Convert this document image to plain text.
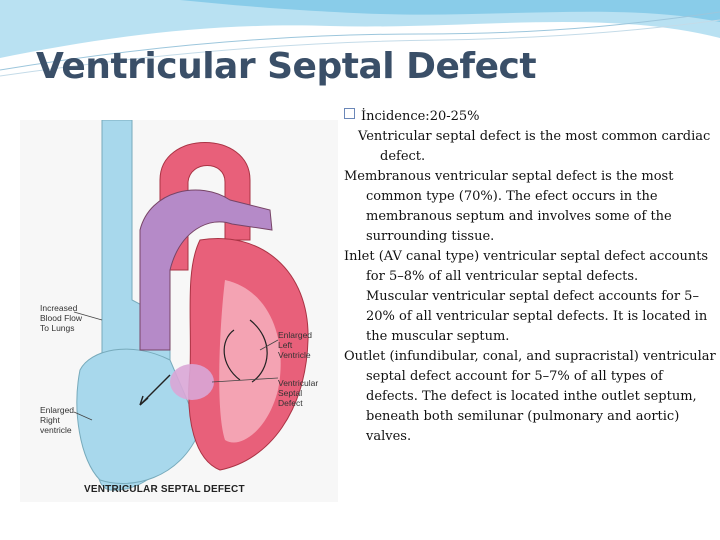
Ventricular Septal Defect
Increased
Blood Flow
To Lungs
Enlarged
Left
Ventricle
Ventricular
Septal
Defect
Enlarged
Right
ventricle
VENTRICULAR SEPTAL DEFECT

İncidence:20-25%

Ventricular septal defect is the most common cardiac defect.

Membranous ventricular septal defect is the most common type (70%). The efect occurs in the membranous septum and involves some of the surrounding tissue.

Inlet (AV canal type) ventricular septal defect accounts for 5–8% of all ventricular septal defects.

Muscular ventricular septal defect accounts for 5–20% of all ventricular septal defects. It is located in the muscular septum.

Outlet (infundibular, conal, and supracristal) ventricular septal defect account for 5–7% of all types of defects. The defect is located inthe outlet septum, beneath both semilunar (pulmonary and aortic) valves.
